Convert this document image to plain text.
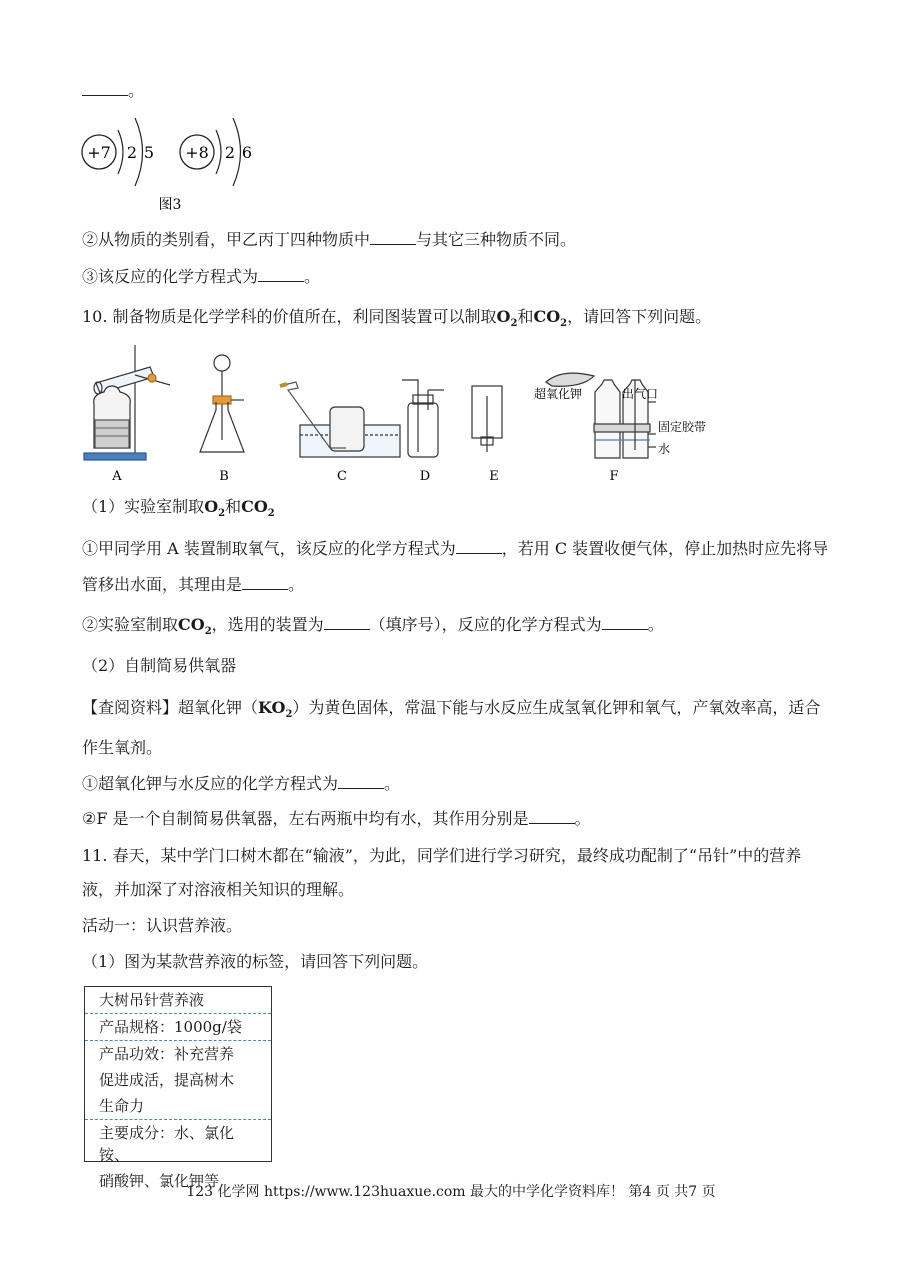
。
+7 2 5 +8 2 6
图3
②从物质的类别看，甲乙丙丁四种物质中	与其它三种物质不同。
③该反应的化学方程式为	。
10. 制备物质是化学学科的价值所在，利同图装置可以制取$O_2$和$CO_2$，请回答下列问题。
超氧化钾	出气口
固定胶带
水
A	B	C	D	E	F
（1）实验室制取$O_2$和$CO_2$
①甲同学用 A 装置制取氧气，该反应的化学方程式为	，若用 C 装置收便气体，停止加热时应先将导
管移出水面，其理由是	。
②实验室制取$CO_2$，选用的装置为	（填序号），反应的化学方程式为	。
（2）自制简易供氧器
【查阅资料】超氧化钾$(KO_2)$为黄色固体，常温下能与水反应生成氢氧化钾和氧气，产氧效率高，适合
作生氧剂。
①超氧化钾与水反应的化学方程式为	。
②F 是一个自制简易供氧器，左右两瓶中均有水，其作用分别是	。
11. 春天，某中学门口树木都在“输液”，为此，同学们进行学习研究，最终成功配制了“吊针”中的营养
液，并加深了对溶液相关知识的理解。
活动一：认识营养液。
（1）图为某款营养液的标签，请回答下列问题。
大树吊针营养液
产品规格：1000g/袋
产品功效：补充营养
促进成活，提高树木
生命力
主要成分：水、氯化铵、
硝酸钾、氯化钾等
123 化学网 https://www.123huaxue.com 最大的中学化学资料库！ 第4 页 共7 页
